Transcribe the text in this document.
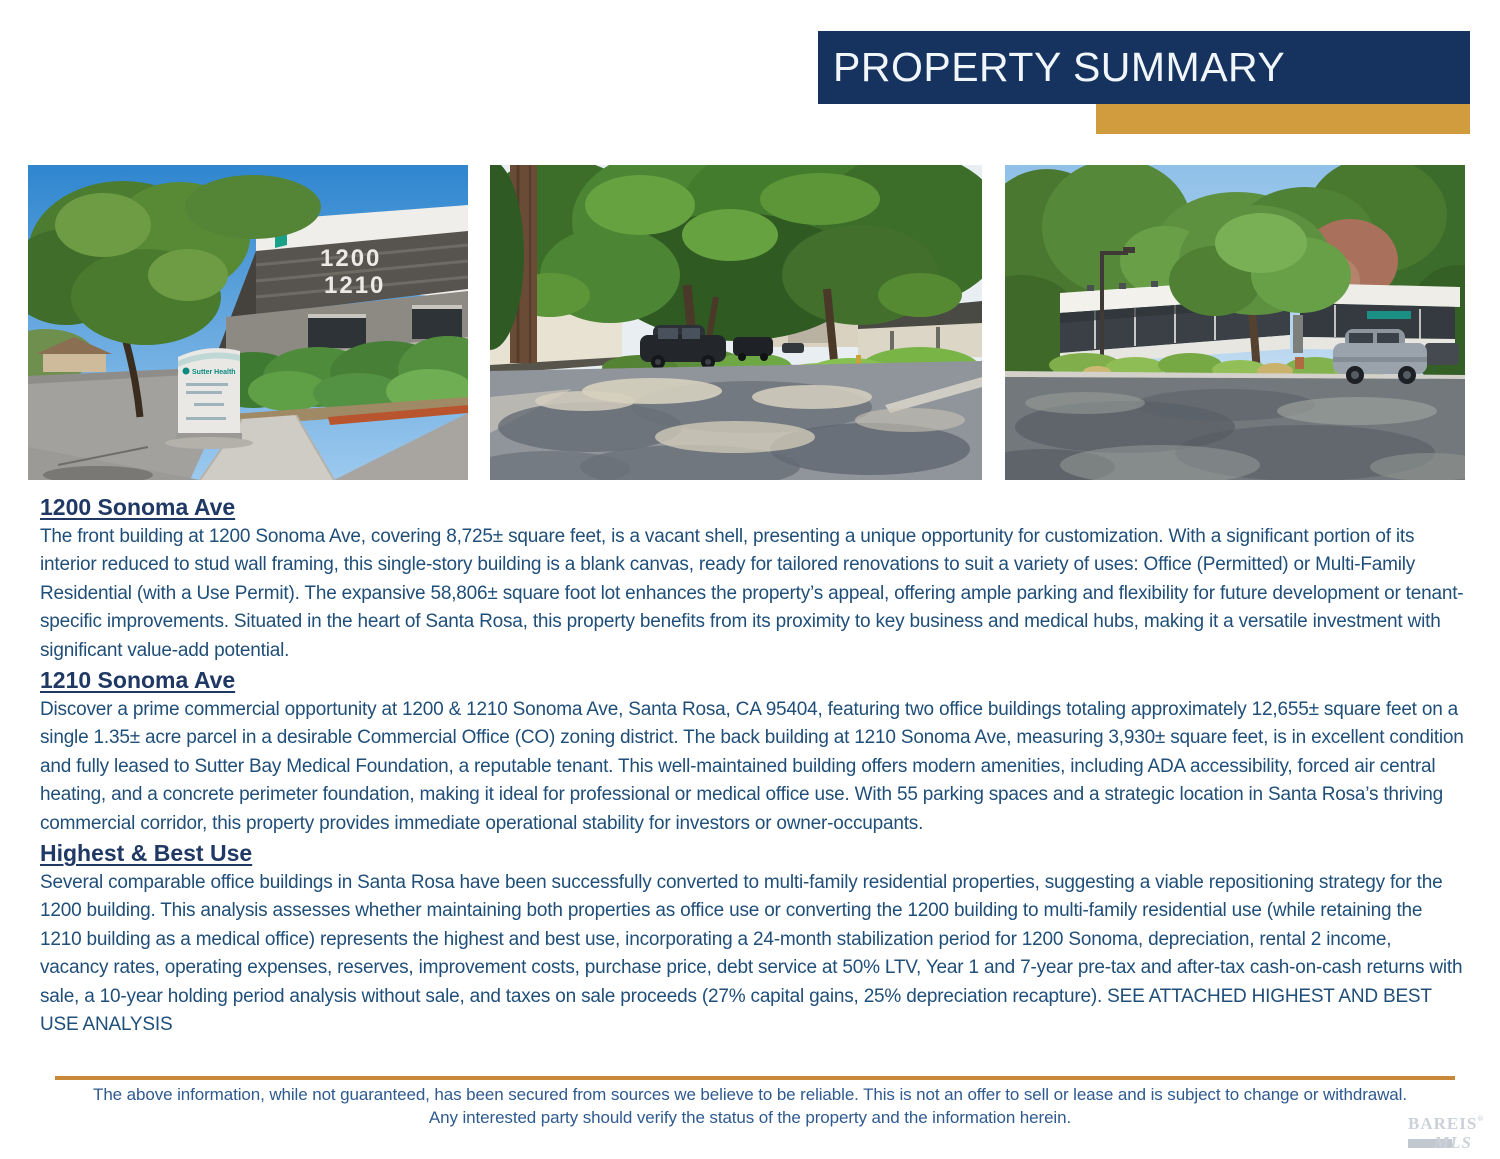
PROPERTY SUMMARY
1200
1210
Sutter Health
1200 Sonoma Ave

The front building at 1200 Sonoma Ave, covering 8,725± square feet, is a vacant shell, presenting a unique opportunity for customization. With a significant portion of its interior reduced to stud wall framing, this single-story building is a blank canvas, ready for tailored renovations to suit a variety of uses: Office (Permitted) or Multi-Family Residential (with a Use Permit). The expansive 58,806± square foot lot enhances the property’s appeal, offering ample parking and flexibility for future development or tenant-specific improvements. Situated in the heart of Santa Rosa, this property benefits from its proximity to key business and medical hubs, making it a versatile investment with significant value-add potential.

1210 Sonoma Ave

Discover a prime commercial opportunity at 1200 & 1210 Sonoma Ave, Santa Rosa, CA 95404, featuring two office buildings totaling approximately 12,655± square feet on a single 1.35± acre parcel in a desirable Commercial Office (CO) zoning district. The back building at 1210 Sonoma Ave, measuring 3,930± square feet, is in excellent condition and fully leased to Sutter Bay Medical Foundation, a reputable tenant. This well-maintained building offers modern amenities, including ADA accessibility, forced air central heating, and a concrete perimeter foundation, making it ideal for professional or medical office use. With 55 parking spaces and a strategic location in Santa Rosa’s thriving commercial corridor, this property provides immediate operational stability for investors or owner-occupants.

Highest & Best Use

Several comparable office buildings in Santa Rosa have been successfully converted to multi-family residential properties, suggesting a viable repositioning strategy for the 1200 building. This analysis assesses whether maintaining both properties as office use or converting the 1200 building to multi-family residential use (while retaining the 1210 building as a medical office) represents the highest and best use, incorporating a 24-month stabilization period for 1200 Sonoma, depreciation, rental 2 income, vacancy rates, operating expenses, reserves, improvement costs, purchase price, debt service at 50% LTV, Year 1 and 7-year pre-tax and after-tax cash-on-cash returns with sale, a 10-year holding period analysis without sale, and taxes on sale proceeds (27% capital gains, 25% depreciation recapture). SEE ATTACHED HIGHEST AND BEST USE ANALYSIS

The above information, while not guaranteed, has been secured from sources we believe to be reliable. This is not an offer to sell or lease and is subject to change or withdrawal.
Any interested party should verify the status of the property and the information herein.	BAREIS®
MLS
